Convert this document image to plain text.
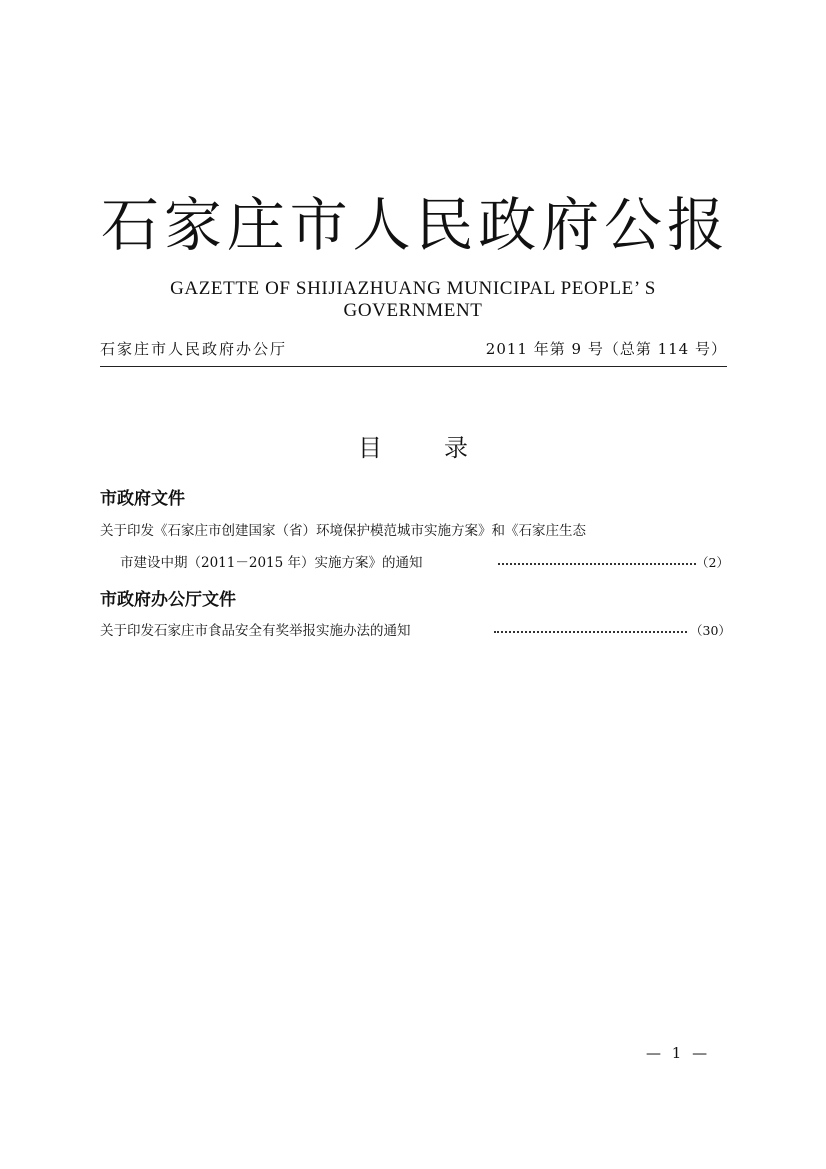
石 家 庄 市 人 民 政 府 公 报
GAZETTE OF SHIJIAZHUANG MUNICIPAL PEOPLE’ S GOVERNMENT
石家庄市人民政府办公厅	2011 年第 9 号（总第 114 号）
目	录
市政府文件
关于印发《石家庄市创建国家（省）环境保护模范城市实施方案》和《石家庄生态
市建设中期（2011－2015 年）实施方案》的通知	（2）
市政府办公厅文件
关于印发石家庄市食品安全有奖举报实施办法的通知	（30）
— 1 —
